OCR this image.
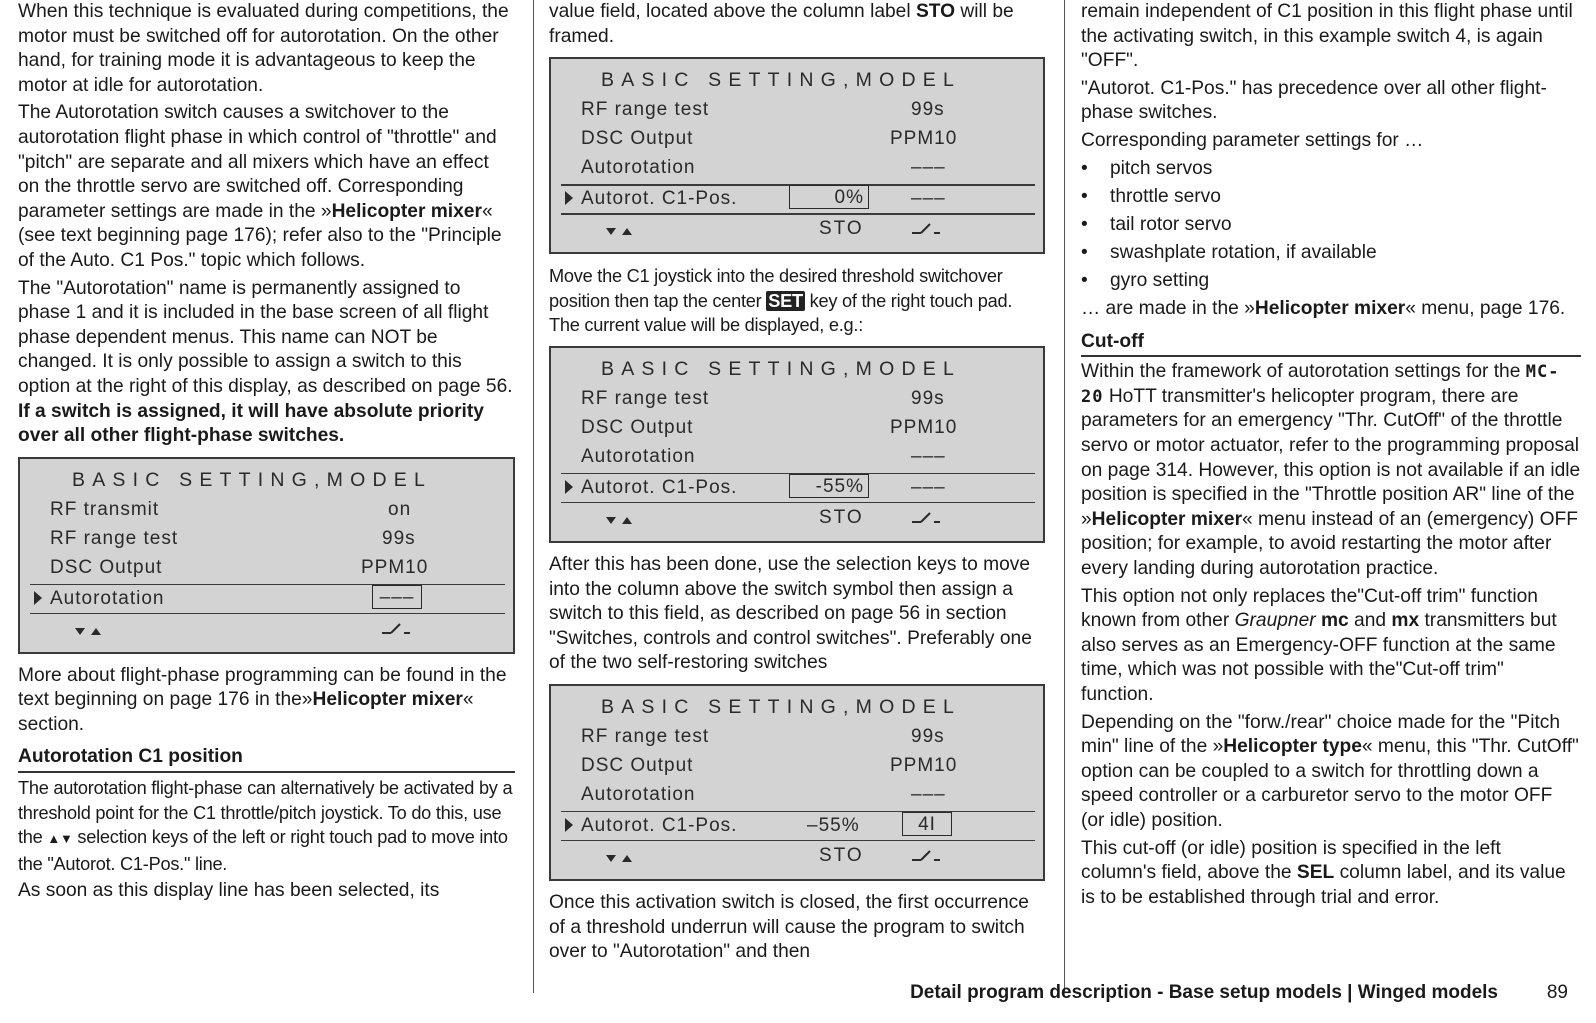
When this technique is evaluated during competitions, the motor must be switched off for autorotation. On the other hand, for training mode it is advantageous to keep the motor at idle for autorotation.

The Autorotation switch causes a switchover to the autorotation flight phase in which control of "throttle" and "pitch" are separate and all mixers which have an effect on the throttle servo are switched off. Corresponding parameter settings are made in the »Helicopter mixer« (see text beginning page 176); refer also to the "Principle of the Auto. C1 Pos." topic which follows.

The "Autorotation" name is permanently assigned to phase 1 and it is included in the base screen of all flight phase dependent menus. This name can NOT be changed. It is only possible to assign a switch to this option at the right of this display, as described on page 56. If a switch is assigned, it will have absolute priority over all other flight-phase switches.

BASIC SETTING,MODEL
RF transmit	on
RF range test	99s
DSC Output	PPM10
Autorotation	–––

More about flight-phase programming can be found in the text beginning on page 176 in the»Helicopter mixer« section.

Autorotation C1 position

The autorotation flight-phase can alternatively be activated by a threshold point for the C1 throttle/pitch joystick. To do this, use the ▲▼ selection keys of the left or right touch pad to move into the "Autorot. C1-Pos." line.

As soon as this display line has been selected, its

value field, located above the column label STO will be framed.

BASIC SETTING,MODEL
RF range test	99s
DSC Output	PPM10
Autorotation	–––
Autorot. C1-Pos.	0% –––
STO

Move the C1 joystick into the desired threshold switchover position then tap the center SET key of the right touch pad. The current value will be displayed, e.g.:

BASIC SETTING,MODEL
RF range test	99s
DSC Output	PPM10
Autorotation	–––
Autorot. C1-Pos.	-55% –––
STO

After this has been done, use the selection keys to move into the column above the switch symbol then assign a switch to this field, as described on page 56 in section "Switches, controls and control switches". Preferably one of the two self-restoring switches

BASIC SETTING,MODEL
RF range test	99s
DSC Output	PPM10
Autorotation	–––
Autorot. C1-Pos.	–55%	4I
STO

Once this activation switch is closed, the first occurrence of a threshold underrun will cause the program to switch over to "Autorotation" and then

remain independent of C1 position in this flight phase until the activating switch, in this example switch 4, is again "OFF".

"Autorot. C1-Pos." has precedence over all other flight-phase switches.

Corresponding parameter settings for …

• pitch servos
• throttle servo
• tail rotor servo
• swashplate rotation, if available
• gyro setting

… are made in the »Helicopter mixer« menu, page 176.

Cut-off

Within the framework of autorotation settings for the MC-20 HoTT transmitter's helicopter program, there are parameters for an emergency "Thr. CutOff" of the throttle servo or motor actuator, refer to the programming proposal on page 314. However, this option is not available if an idle position is specified in the "Throttle position AR" line of the »Helicopter mixer« menu instead of an (emergency) OFF position; for example, to avoid restarting the motor after every landing during autorotation practice.

This option not only replaces the"Cut-off trim" function known from other Graupner mc and mx transmitters but also serves as an Emergency-OFF function at the same time, which was not possible with the"Cut-off trim" function.

Depending on the "forw./rear" choice made for the "Pitch min" line of the »Helicopter type« menu, this "Thr. CutOff" option can be coupled to a switch for throttling down a speed controller or a carburetor servo to the motor OFF (or idle) position.

This cut-off (or idle) position is specified in the left column's field, above the SEL column label, and its value is to be established through trial and error.

Detail program description - Base setup models | Winged models	89
